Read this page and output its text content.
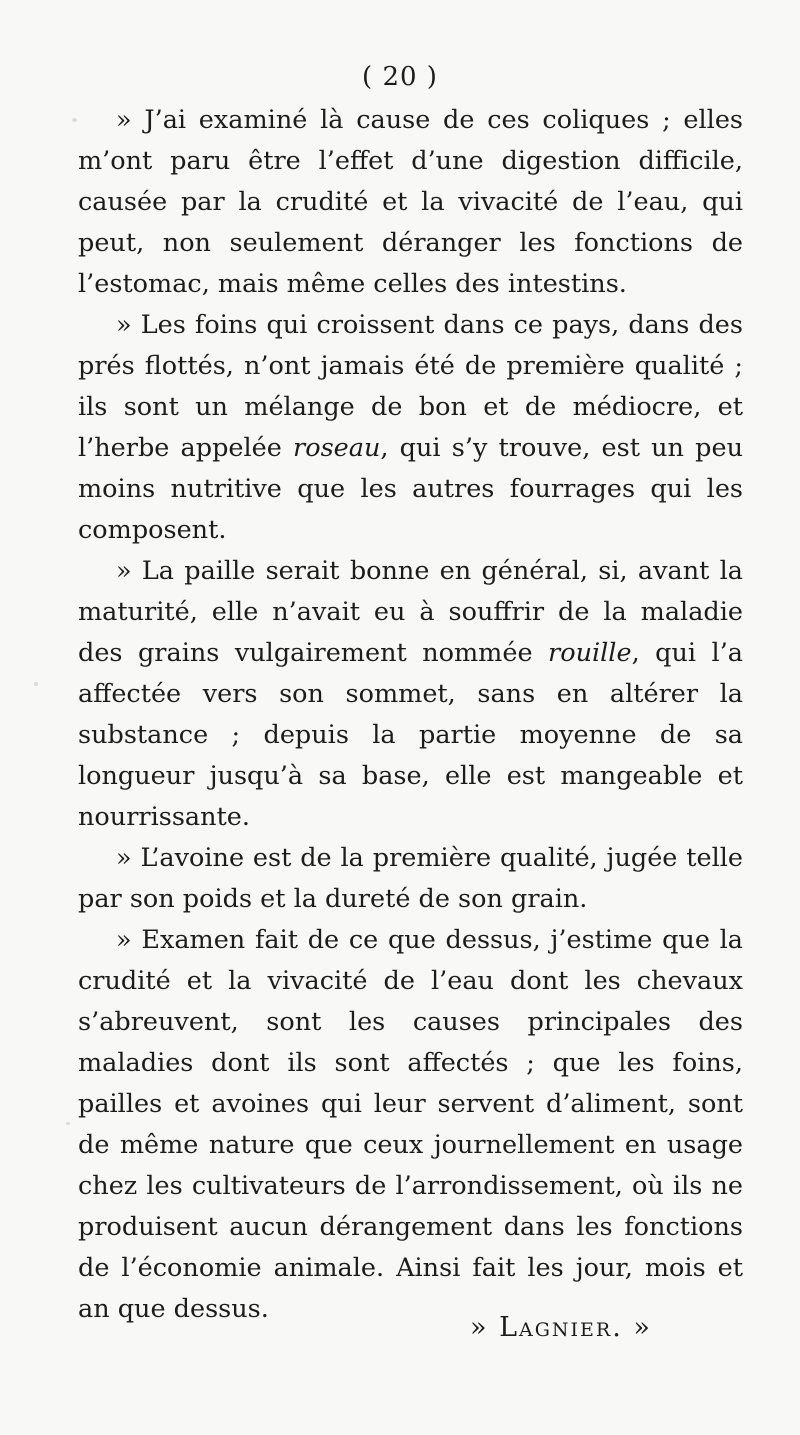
( 20 )

» J’ai examiné là cause de ces coliques ; elles m’ont paru être l’effet d’une digestion difficile, causée par la crudité et la vivacité de l’eau, qui peut, non seulement déranger les fonctions de l’estomac, mais même celles des intestins.

» Les foins qui croissent dans ce pays, dans des prés flottés, n’ont jamais été de première qualité ; ils sont un mélange de bon et de médiocre, et l’herbe appelée roseau, qui s’y trouve, est un peu moins nutritive que les autres fourrages qui les composent.

» La paille serait bonne en général, si, avant la maturité, elle n’avait eu à souffrir de la maladie des grains vulgairement nommée rouille, qui l’a affectée vers son sommet, sans en altérer la substance ; depuis la partie moyenne de sa longueur jusqu’à sa base, elle est mangeable et nourrissante.

» L’avoine est de la première qualité, jugée telle par son poids et la dureté de son grain.

» Examen fait de ce que dessus, j’estime que la crudité et la vivacité de l’eau dont les chevaux s’abreuvent, sont les causes principales des maladies dont ils sont affectés ; que les foins, pailles et avoines qui leur servent d’aliment, sont de même nature que ceux journellement en usage chez les cultivateurs de l’arrondissement, où ils ne produisent aucun dérangement dans les fonctions de l’économie animale. Ainsi fait les jour, mois et an que dessus.

» Lagnier. »
